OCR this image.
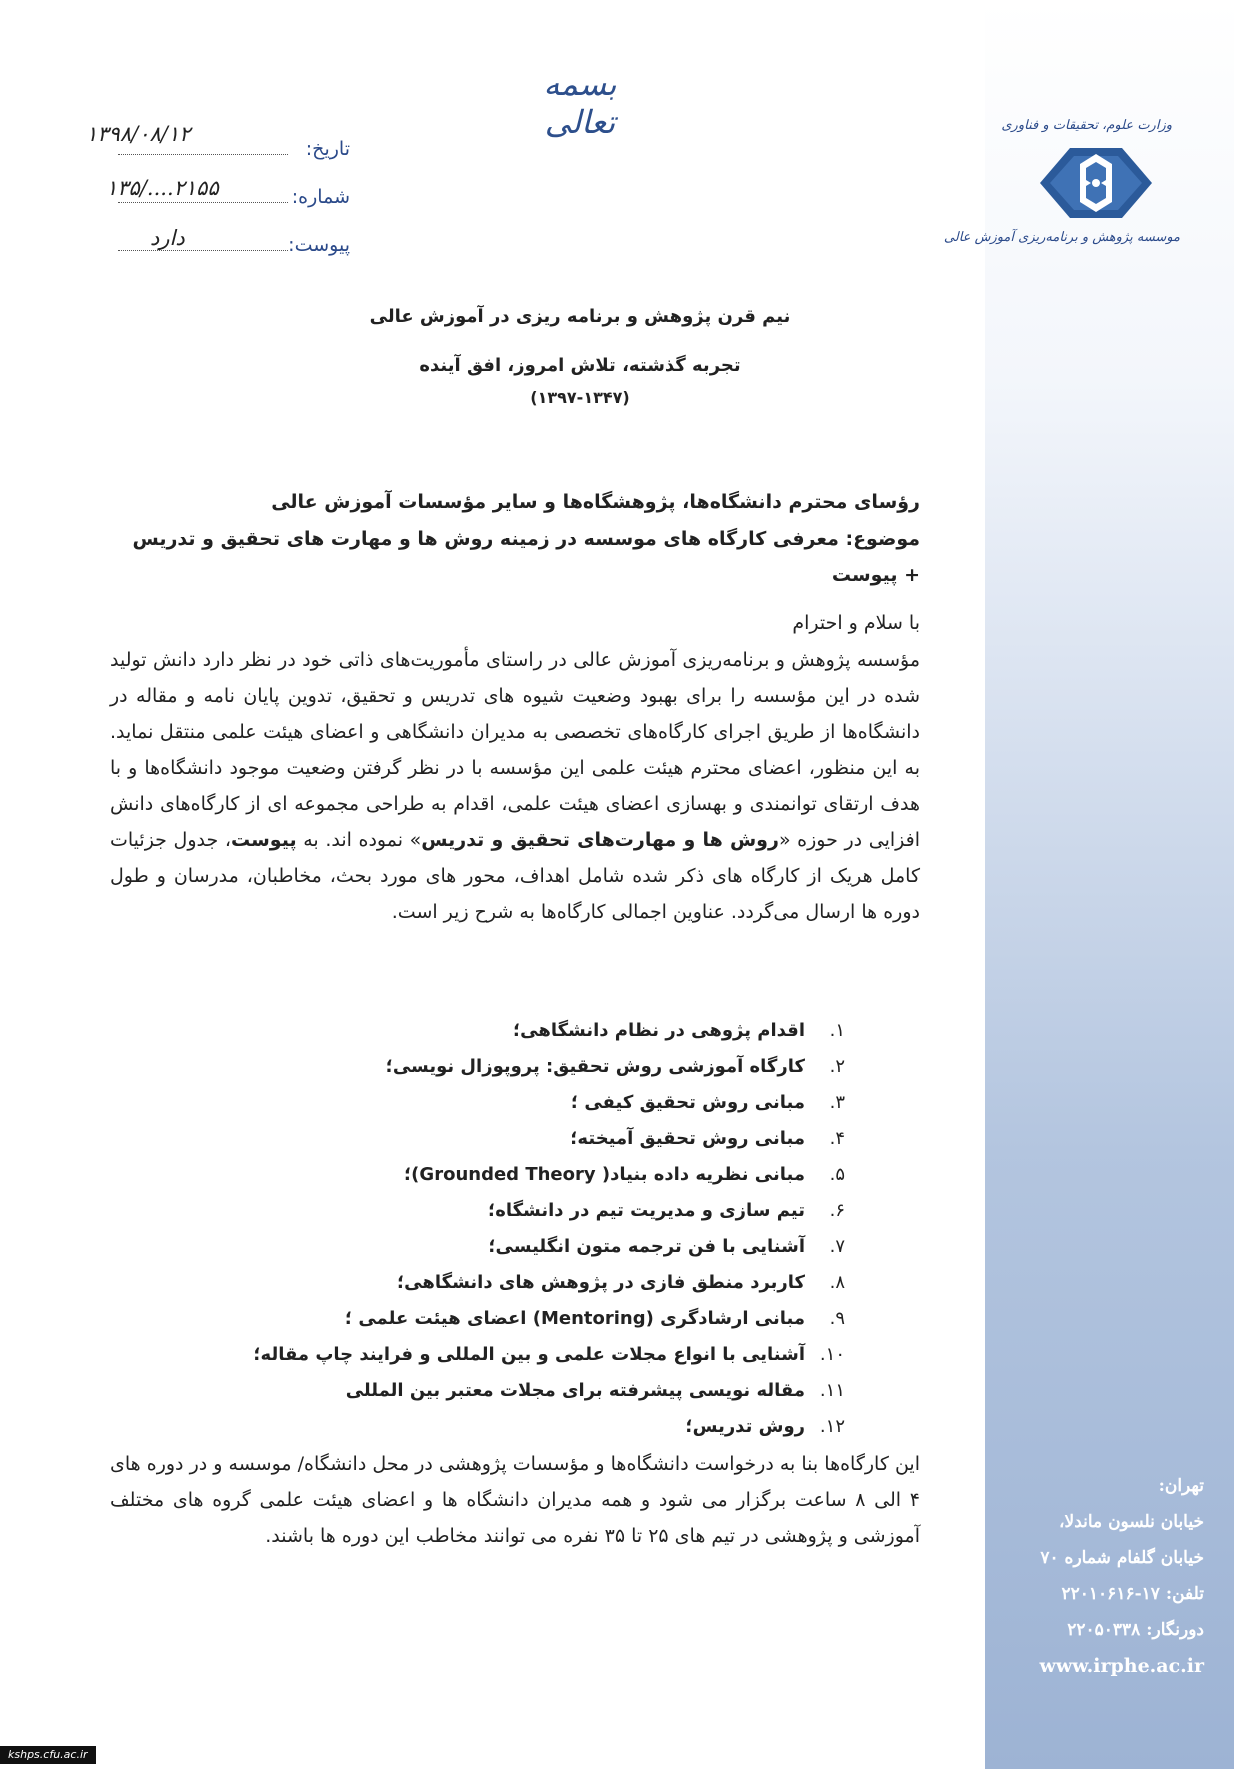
تهران:
خیابان نلسون ماندلا،
خیابان گلفام شماره ۷۰
تلفن: ۱۷-۲۲۰۱۰۶۱۶
دورنگار: ۲۲۰۵۰۳۳۸
www.irphe.ac.ir
وزارت علوم، تحقیقات و فناوری
موسسه پژوهش و برنامه‌ریزی آموزش عالی
بسمه تعالی
تاریخ:
۱۳۹۸/۰۸/۱۲
شماره:
۱۳۵/....۲۱۵۵
پیوست:
دارد
نیم قرن پژوهش و برنامه ریزی در آموزش عالی
تجربه گذشته، تلاش امروز، افق آینده
(۱۳۹۷-۱۳۴۷)
رؤسای محترم دانشگاه‌ها، پژوهشگاه‌ها و سایر مؤسسات آموزش عالی
موضوع: معرفی کارگاه های موسسه در زمینه روش ها و مهارت های تحقیق و تدریس + پیوست
با سلام و احترام
مؤسسه پژوهش و برنامه‌ریزی آموزش عالی در راستای مأموریت‌های ذاتی خود در نظر دارد دانش تولید شده در این مؤسسه را برای بهبود وضعیت شیوه های تدریس و تحقیق، تدوین پایان نامه و مقاله در دانشگاه‌ها از طریق اجرای کارگاه‌های تخصصی به مدیران دانشگاهی و اعضای هیئت علمی منتقل نماید. به این منظور، اعضای محترم هیئت علمی این مؤسسه با در نظر گرفتن وضعیت موجود دانشگاه‌ها و با هدف ارتقای توانمندی و بهسازی اعضای هیئت علمی، اقدام به طراحی مجموعه ای از کارگاه‌های دانش افزایی در حوزه «روش ها و مهارت‌های تحقیق و تدریس» نموده اند. به پیوست، جدول جزئیات کامل هریک از کارگاه های ذکر شده شامل اهداف، محور های مورد بحث، مخاطبان، مدرسان و طول دوره ها ارسال می‌گردد. عناوین اجمالی کارگاه‌ها به شرح زیر است.
۱.اقدام پژوهی در نظام دانشگاهی؛
۲.کارگاه آموزشی روش تحقیق: پروپوزال نویسی؛
۳.مبانی روش تحقیق کیفی ؛
۴.مبانی روش تحقیق آمیخته؛
۵.مبانی نظریه داده بنیاد( Grounded Theory)؛
۶.تیم سازی و مدیریت تیم در دانشگاه؛
۷.آشنایی با فن ترجمه متون انگلیسی؛
۸.کاربرد منطق فازی در پژوهش های دانشگاهی؛
۹.مبانی ارشادگری (Mentoring) اعضای هیئت علمی ؛
۱۰.آشنایی با انواع مجلات علمی و بین المللی و فرایند چاپ مقاله؛
۱۱.مقاله نویسی پیشرفته برای مجلات معتبر بین المللی
۱۲.روش تدریس؛
این کارگاه‌ها بنا به درخواست دانشگاه‌ها و مؤسسات پژوهشی در محل دانشگاه/ موسسه و در دوره های ۴ الی ۸ ساعت برگزار می شود و همه مدیران دانشگاه ها و اعضای هیئت علمی گروه های مختلف آموزشی و پژوهشی در تیم های ۲۵ تا ۳۵ نفره می توانند مخاطب این دوره ها باشند.
kshps.cfu.ac.ir
